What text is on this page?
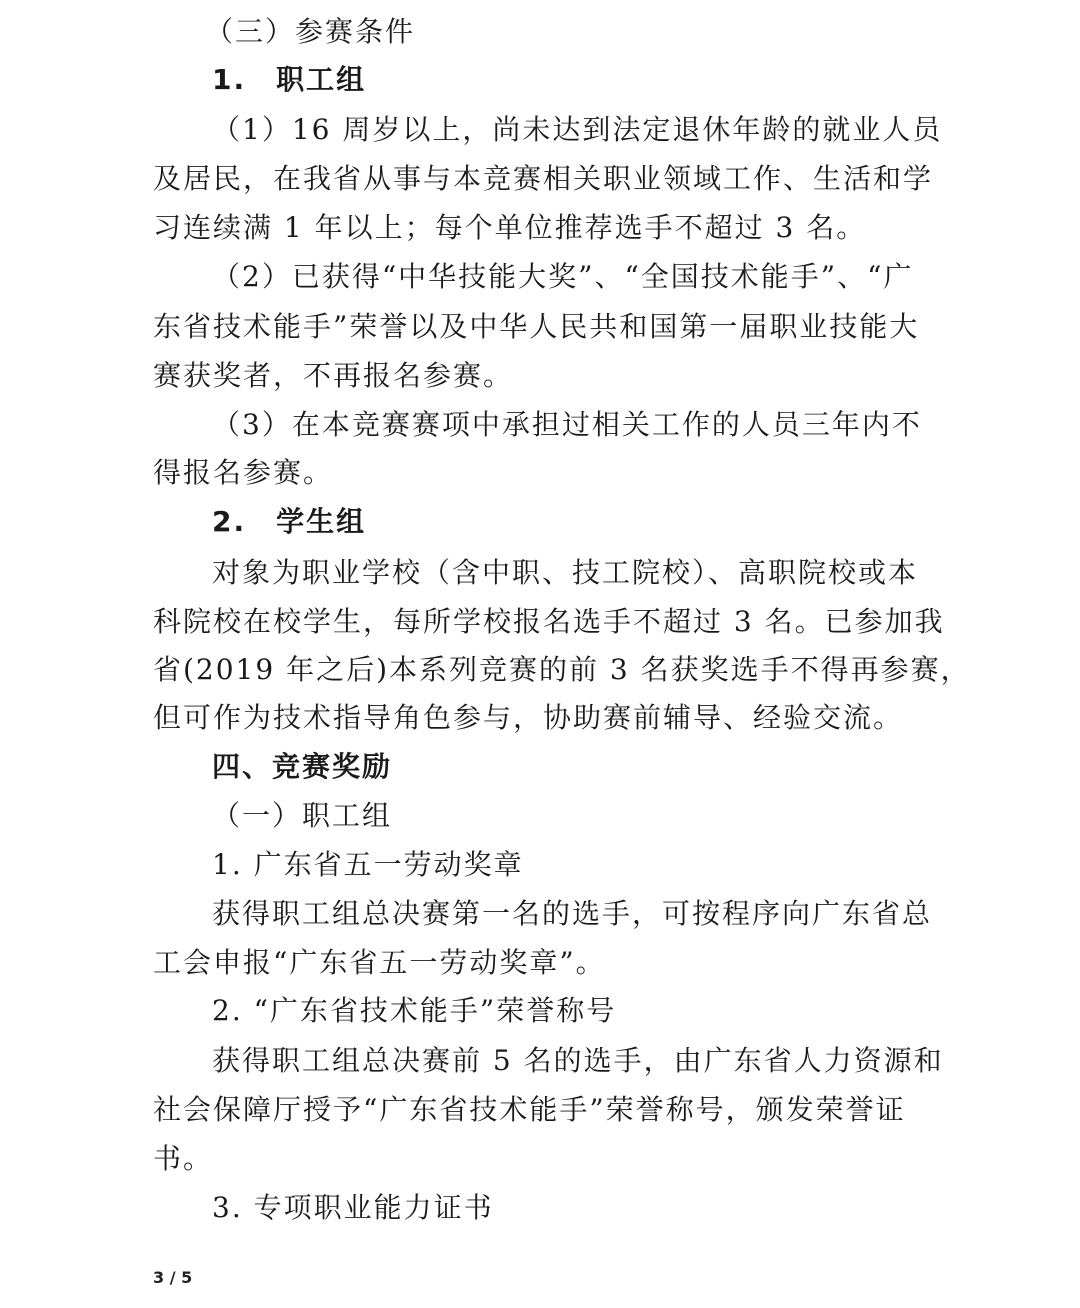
（三）参赛条件
1.　职工组
（1）16 周岁以上，尚未达到法定退休年龄的就业人员
及居民，在我省从事与本竞赛相关职业领域工作、生活和学
习连续满 1 年以上；每个单位推荐选手不超过 3 名。
（2）已获得“中华技能大奖”、“全国技术能手”、“广
东省技术能手”荣誉以及中华人民共和国第一届职业技能大
赛获奖者，不再报名参赛。
（3）在本竞赛赛项中承担过相关工作的人员三年内不
得报名参赛。
2.　学生组
对象为职业学校（含中职、技工院校）、高职院校或本
科院校在校学生，每所学校报名选手不超过 3 名。已参加我
省(2019 年之后)本系列竞赛的前 3 名获奖选手不得再参赛，
但可作为技术指导角色参与，协助赛前辅导、经验交流。
四、竞赛奖励
（一）职工组
1. 广东省五一劳动奖章
获得职工组总决赛第一名的选手，可按程序向广东省总
工会申报“广东省五一劳动奖章”。
2. “广东省技术能手”荣誉称号
获得职工组总决赛前 5 名的选手，由广东省人力资源和
社会保障厅授予“广东省技术能手”荣誉称号，颁发荣誉证
书。
3. 专项职业能力证书
3 / 5
